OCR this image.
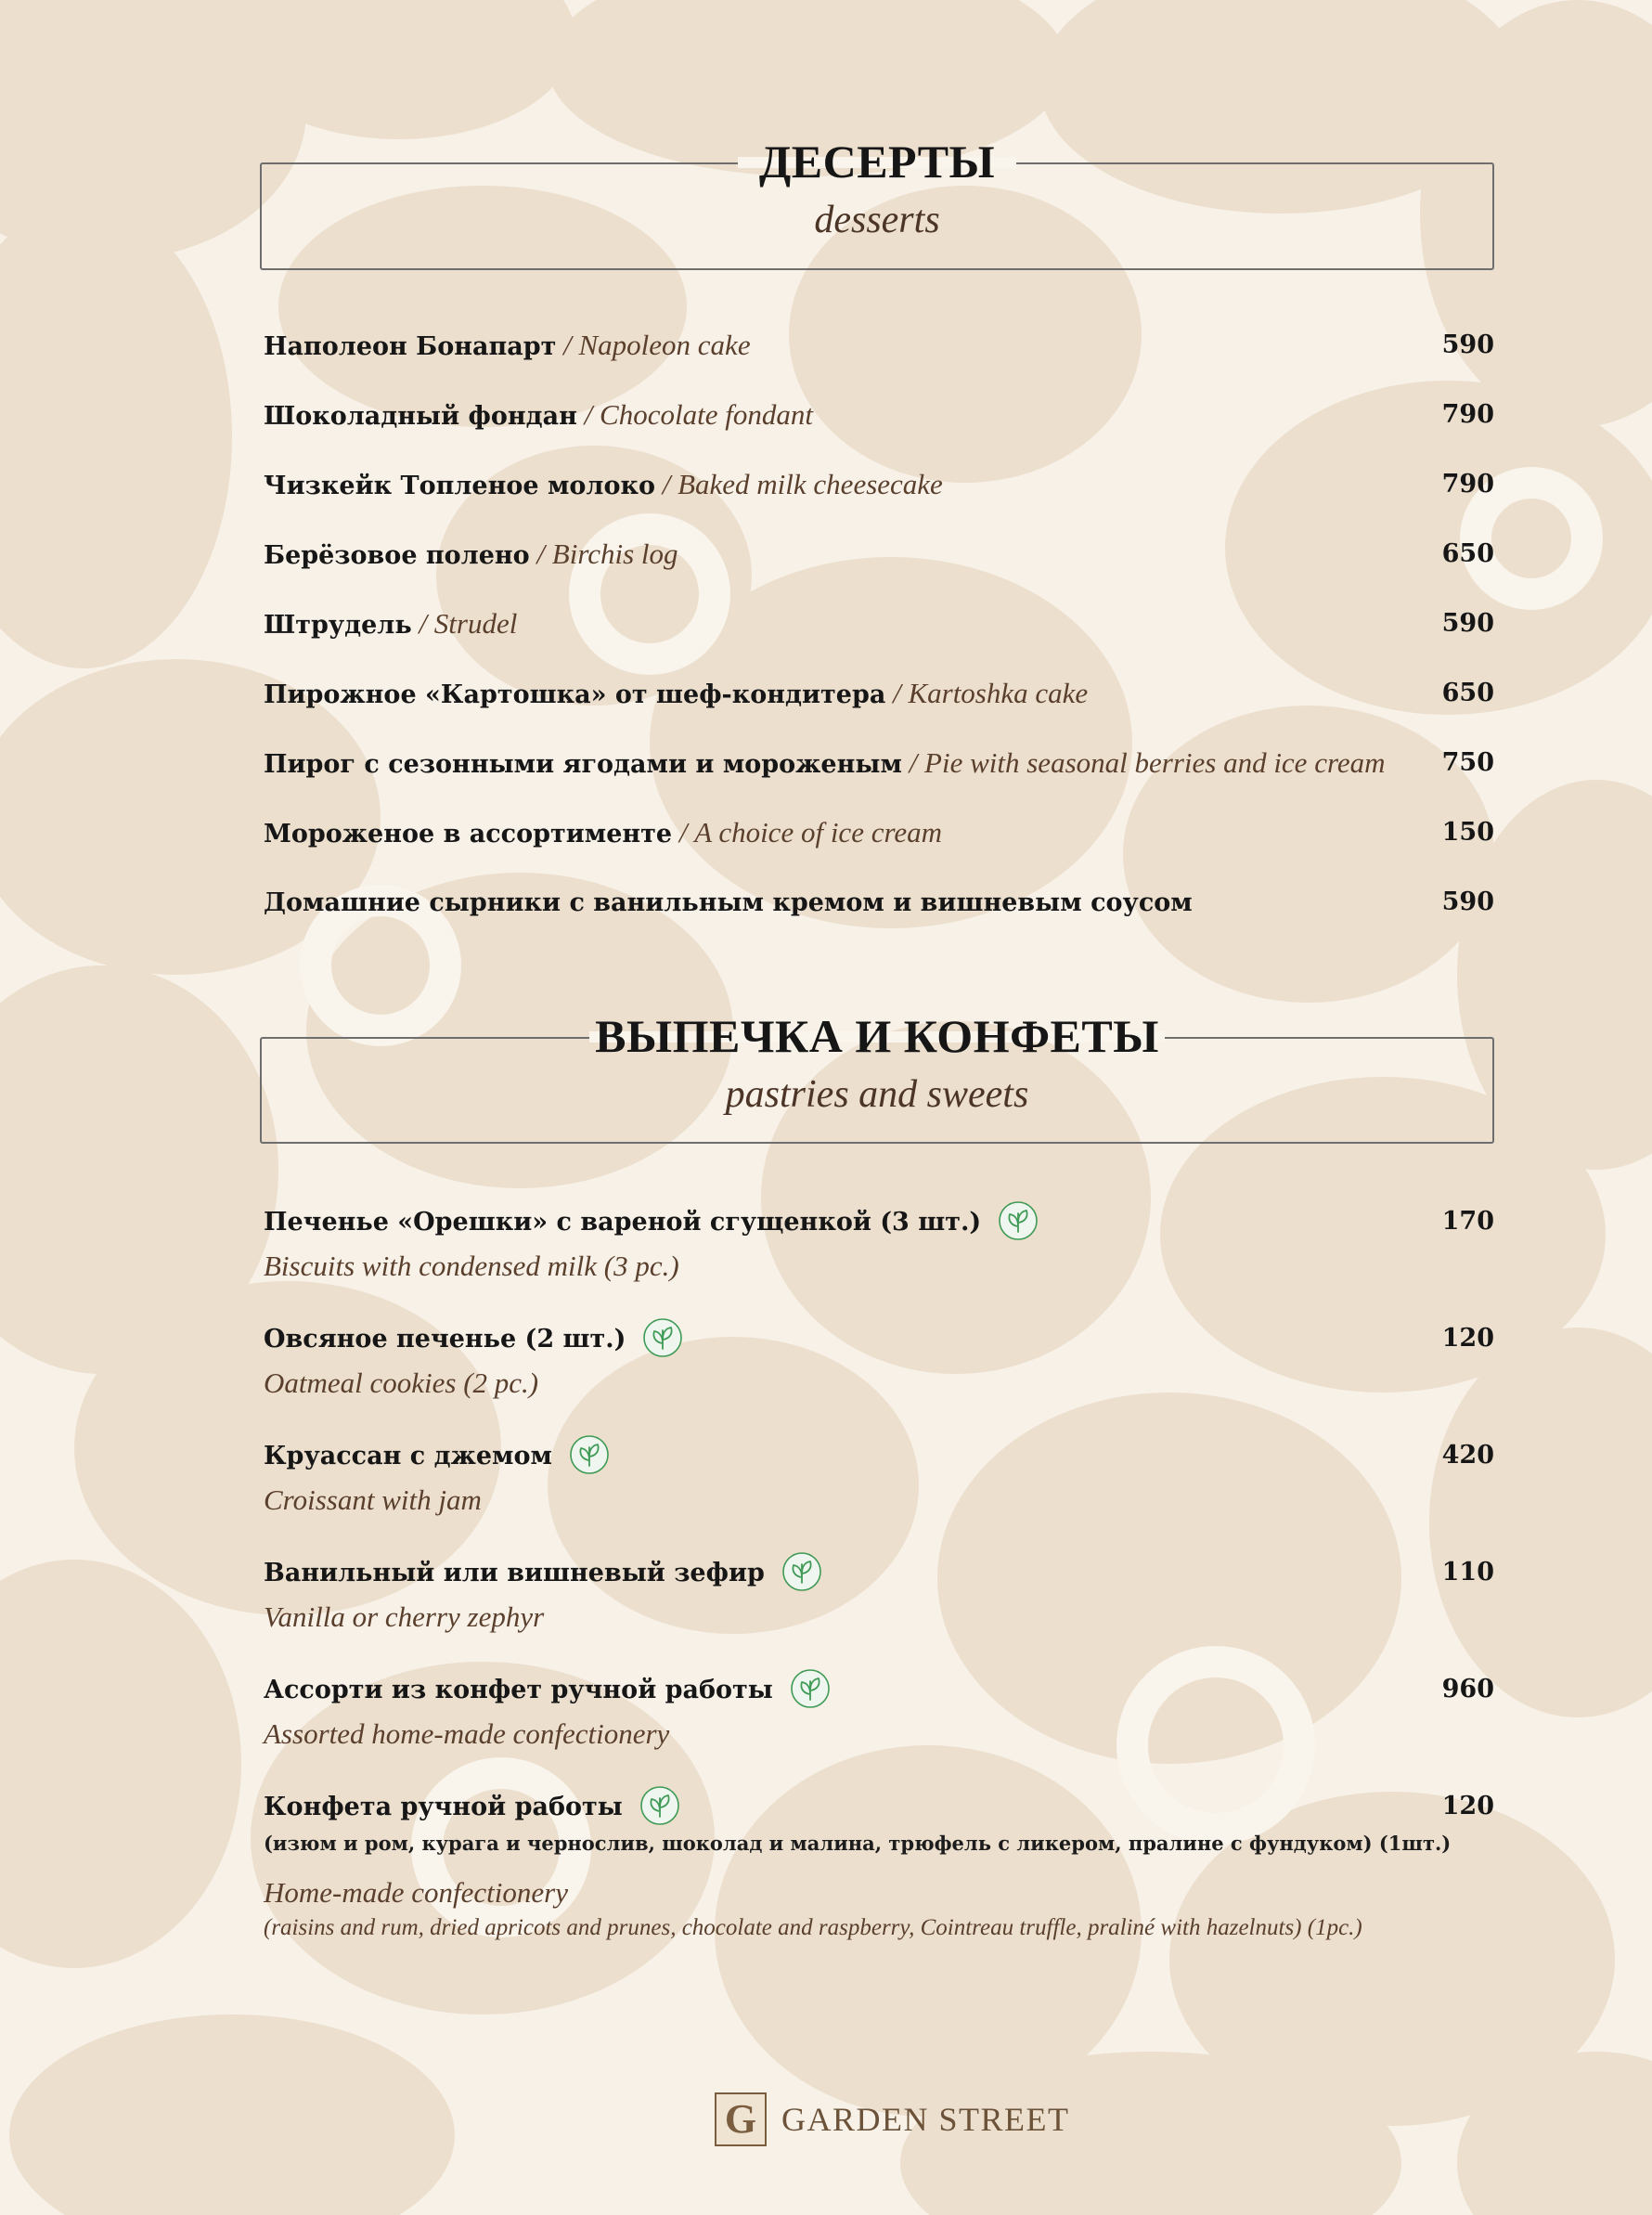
ДЕСЕРТЫ
desserts
Наполеон Бонапарт / Napoleon cake	590
Шоколадный фондан / Chocolate fondant	790
Чизкейк Топленое молоко / Baked milk cheesecake	790
Берёзовое полено / Birchis log	650
Штрудель / Strudel	590
Пирожное «Картошка» от шеф-кондитера / Kartoshka cake	650
Пирог с сезонными ягодами и мороженым / Pie with seasonal berries and ice cream 750
Мороженое в ассортименте / A choice of ice cream	150
Домашние сырники с ванильным кремом и вишневым соусом	590
ВЫПЕЧКА И КОНФЕТЫ
pastries and sweets
Печенье «Орешки» с вареной сгущенкой (3 шт.)	170
Biscuits with condensed milk (3 pc.)
Овсяное печенье (2 шт.)	120
Oatmeal cookies (2 pc.)
Круассан с джемом	420
Croissant with jam
Ванильный или вишневый зефир	110
Vanilla or cherry zephyr
Ассорти из конфет ручной работы	960
Assorted home-made confectionery
Конфета ручной работы	120
(изюм и ром, курага и чернослив, шоколад и малина, трюфель с ликером, пралине с фундуком) (1шт.)
Home-made confectionery
(raisins and rum, dried apricots and prunes, chocolate and raspberry, Cointreau truffle, praliné with hazelnuts) (1pc.)
G GARDEN STREET
